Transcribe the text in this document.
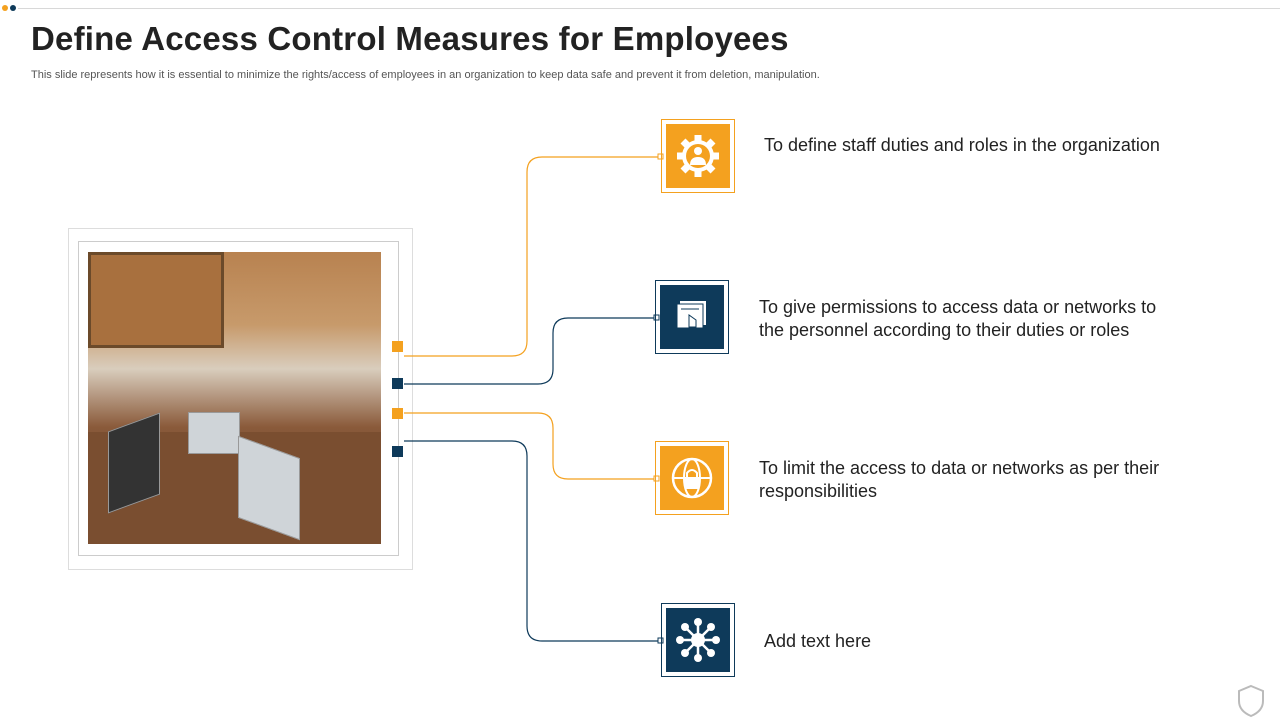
Define Access Control Measures for Employees
This slide represents how it is essential to minimize the rights/access of employees in an organization to keep data safe and prevent it from deletion, manipulation.
To define staff duties and roles in the organization
To give permissions to access data or networks to the personnel according to their duties or roles
To limit the access to data or networks as per their responsibilities
Add text here
